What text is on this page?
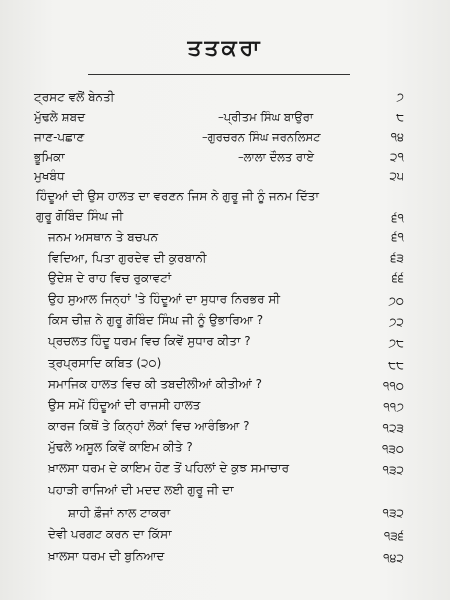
ਤਤਕਰਾ
ਟ੍ਰਸਟ ਵਲੋਂ ਬੇਨਤੀ	੭
ਮੁੱਢਲੇ ਸ਼ਬਦ	–ਪ੍ਰੀਤਮ ਸਿੰਘ ਬਾਉਰਾ	੮
ਜਾਣ-ਪਛਾਣ	–ਗੁਰਚਰਨ ਸਿੰਘ ਜਰਨਲਿਸਟ	੧੪
ਭੂਮਿਕਾ	–ਲਾਲਾ ਦੌਲਤ ਰਾਏ	੨੧
ਮੁਖਬੰਧ	੨੫
ਹਿੰਦੂਆਂ ਦੀ ਉਸ ਹਾਲਤ ਦਾ ਵਰਣਨ ਜਿਸ ਨੇ ਗੁਰੂ ਜੀ ਨੂੰ ਜਨਮ ਦਿੱਤਾ
ਗੁਰੂ ਗੋਬਿੰਦ ਸਿੰਘ ਜੀ	੬੧
ਜਨਮ ਅਸਥਾਨ ਤੇ ਬਚਪਨ	੬੧
ਵਿਦਿਆ, ਪਿਤਾ ਗੁਰਦੇਵ ਦੀ ਕੁਰਬਾਨੀ	੬੩
ਉਦੇਸ਼ ਦੇ ਰਾਹ ਵਿਚ ਰੁਕਾਵਟਾਂ	੬੬
ਉਹ ਸੁਆਲ ਜਿਨ੍ਹਾਂ 'ਤੇ ਹਿੰਦੂਆਂ ਦਾ ਸੁਧਾਰ ਨਿਰਭਰ ਸੀ	੭੦
ਕਿਸ ਚੀਜ਼ ਨੇ ਗੁਰੂ ਗੋਬਿੰਦ ਸਿੰਘ ਜੀ ਨੂੰ ਉਭਾਰਿਆ ?	੭੨
ਪ੍ਰਚਲਤ ਹਿੰਦੂ ਧਰਮ ਵਿਚ ਕਿਵੇਂ ਸੁਧਾਰ ਕੀਤਾ ?	੭੮
ਤ੍ਰਪ੍ਰਸਾਦਿ ਕਬਿਤ (੨੦)	੮੮
ਸਮਾਜਿਕ ਹਾਲਤ ਵਿਚ ਕੀ ਤਬਦੀਲੀਆਂ ਕੀਤੀਆਂ ?	੧੧੦
ਉਸ ਸਮੇਂ ਹਿੰਦੂਆਂ ਦੀ ਰਾਜਸੀ ਹਾਲਤ	੧੧੭
ਕਾਰਜ ਕਿਥੋਂ ਤੇ ਕਿਨ੍ਹਾਂ ਲੋਕਾਂ ਵਿਚ ਆਰੰਭਿਆ ?	੧੨੩
ਮੁੱਢਲੇ ਅਸੂਲ ਕਿਵੇਂ ਕਾਇਮ ਕੀਤੇ ?	੧੩੦
ਖ਼ਾਲਸਾ ਧਰਮ ਦੇ ਕਾਇਮ ਹੋਣ ਤੋਂ ਪਹਿਲਾਂ ਦੇ ਕੁਝ ਸਮਾਚਾਰ	੧੩੨
ਪਹਾੜੀ ਰਾਜਿਆਂ ਦੀ ਮਦਦ ਲਈ ਗੁਰੂ ਜੀ ਦਾ
ਸ਼ਾਹੀ ਫ਼ੌਜਾਂ ਨਾਲ ਟਾਕਰਾ	੧੩੨
ਦੇਵੀ ਪਰਗਟ ਕਰਨ ਦਾ ਕਿੱਸਾ	੧੩੬
ਖ਼ਾਲਸਾ ਧਰਮ ਦੀ ਬੁਨਿਆਦ	੧੪੨
